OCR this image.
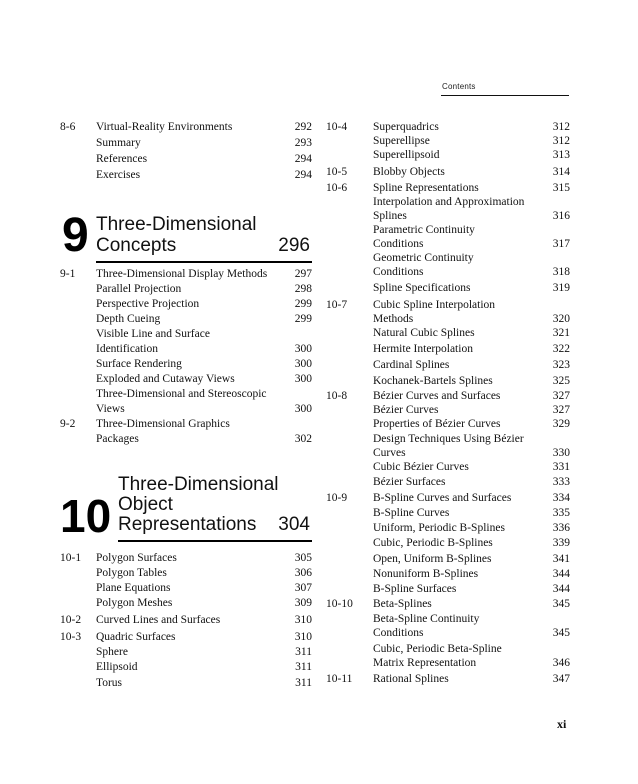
Contents
8-6 Virtual-Reality Environments	292
Summary	293
References	294
Exercises	294
9 Three-Dimensional
Concepts	296
9-1 Three-Dimensional Display Methods	297
Parallel Projection	298
Perspective Projection	299
Depth Cueing	299
Visible Line and Surface
Identification	300
Surface Rendering	300
Exploded and Cutaway Views	300
Three-Dimensional and Stereoscopic
Views	300
9-2 Three-Dimensional Graphics
Packages	302
Three-Dimensional
10 Object
Representations 304
10-1 Polygon Surfaces	305
Polygon Tables	306
Plane Equations	307
Polygon Meshes	309
10-2 Curved Lines and Surfaces	310
10-3 Quadric Surfaces	310
Sphere	311
Ellipsoid	311
Torus	311
10-4 Superquadrics	312
Superellipse	312
Superellipsoid	313
10-5 Blobby Objects	314
10-6 Spline Representations	315
Interpolation and Approximation
Splines	316
Parametric Continuity
Conditions	317
Geometric Continuity
Conditions	318
Spline Specifications	319
10-7 Cubic Spline Interpolation
Methods	320
Natural Cubic Splines	321
Hermite Interpolation	322
Cardinal Splines	323
Kochanek-Bartels Splines	325
10-8 Bézier Curves and Surfaces	327
Bézier Curves	327
Properties of Bézier Curves	329
Design Techniques Using Bézier
Curves	330
Cubic Bézier Curves	331
Bézier Surfaces	333
10-9 B-Spline Curves and Surfaces	334
B-Spline Curves	335
Uniform, Periodic B-Splines	336
Cubic, Periodic B-Splines	339
Open, Uniform B-Splines	341
Nonuniform B-Splines	344
B-Spline Surfaces	344
10-10 Beta-Splines	345
Beta-Spline Continuity
Conditions	345
Cubic, Periodic Beta-Spline
Matrix Representation	346
10-11 Rational Splines	347
xi
